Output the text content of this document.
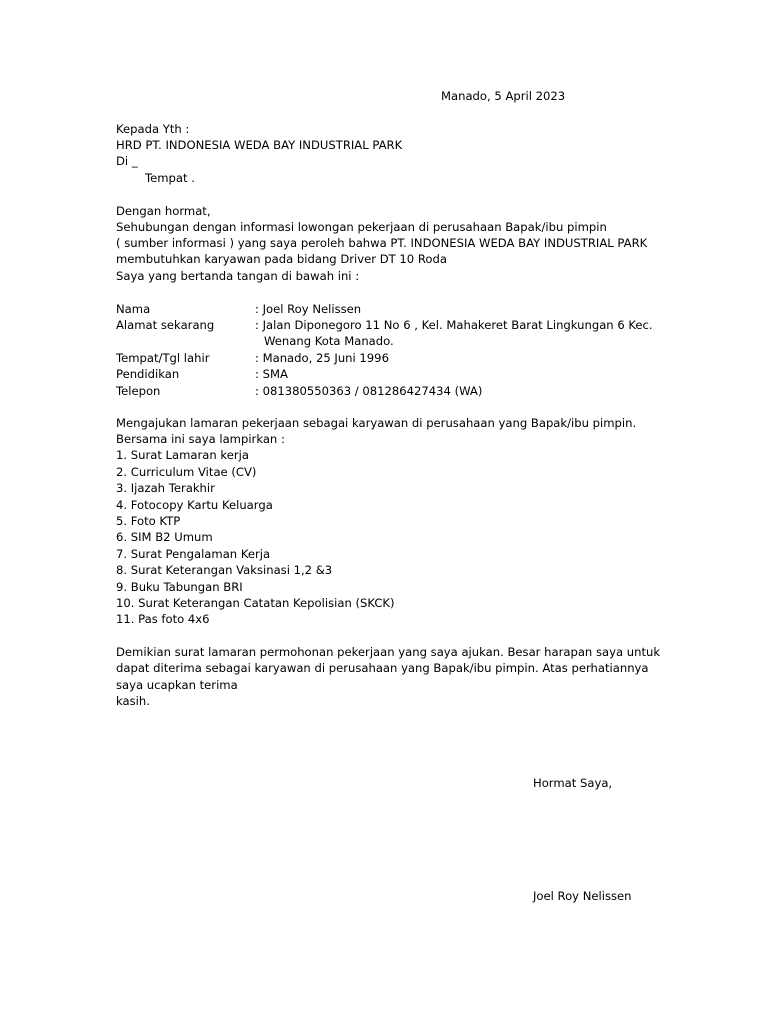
Manado, 5 April 2023
Kepada Yth :
HRD PT. INDONESIA WEDA BAY INDUSTRIAL PARK
Di _
Tempat .
Dengan hormat,
Sehubungan dengan informasi lowongan pekerjaan di perusahaan Bapak/ibu pimpin
( sumber informasi ) yang saya peroleh bahwa PT. INDONESIA WEDA BAY INDUSTRIAL PARK
membutuhkan karyawan pada bidang Driver DT 10 Roda
Saya yang bertanda tangan di bawah ini :
Nama	: Joel Roy Nelissen
Alamat sekarang	: Jalan Diponegoro 11 No 6 , Kel. Mahakeret Barat Lingkungan 6 Kec.
Wenang Kota Manado.
Tempat/Tgl lahir	: Manado, 25 Juni 1996
Pendidikan	: SMA
Telepon	: 081380550363 / 081286427434 (WA)
Mengajukan lamaran pekerjaan sebagai karyawan di perusahaan yang Bapak/ibu pimpin.
Bersama ini saya lampirkan :
1. Surat Lamaran kerja
2. Curriculum Vitae (CV)
3. Ijazah Terakhir
4. Fotocopy Kartu Keluarga
5. Foto KTP
6. SIM B2 Umum
7. Surat Pengalaman Kerja
8. Surat Keterangan Vaksinasi 1,2 &3
9. Buku Tabungan BRI
10. Surat Keterangan Catatan Kepolisian (SKCK)
11. Pas foto 4x6
Demikian surat lamaran permohonan pekerjaan yang saya ajukan. Besar harapan saya untuk
dapat diterima sebagai karyawan di perusahaan yang Bapak/ibu pimpin. Atas perhatiannya
saya ucapkan terima
kasih.
Hormat Saya,
Joel Roy Nelissen
